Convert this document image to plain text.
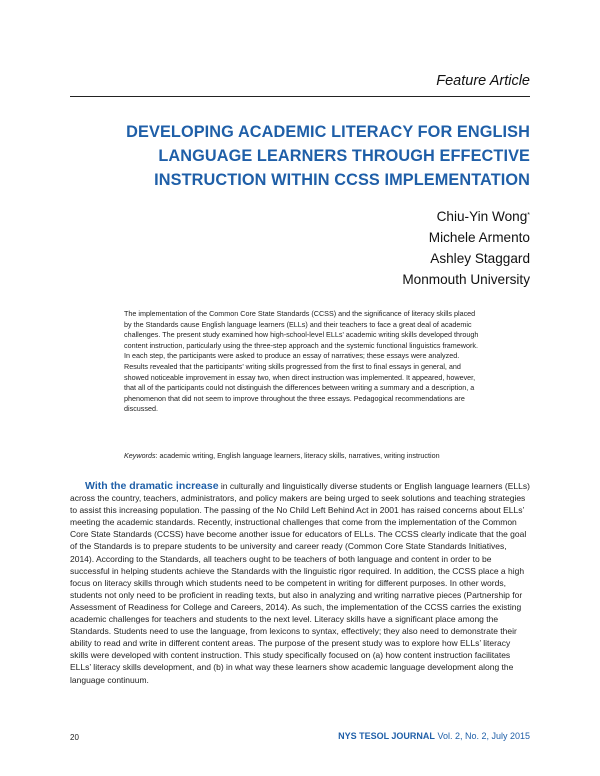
Feature Article
DEVELOPING ACADEMIC LITERACY FOR ENGLISH
LANGUAGE LEARNERS THROUGH EFFECTIVE
INSTRUCTION WITHIN CCSS IMPLEMENTATION
Chiu-Yin Wong*
Michele Armento
Ashley Staggard
Monmouth University

The implementation of the Common Core State Standards (CCSS) and the significance of literacy skills placed by the Standards cause English language learners (ELLs) and their teachers to face a great deal of academic challenges. The present study examined how high-school-level ELLs’ academic writing skills developed through content instruction, particularly using the three-step approach and the systemic functional linguistics framework. In each step, the participants were asked to produce an essay of narratives; these essays were analyzed. Results revealed that the participants’ writing skills progressed from the first to final essays in general, and showed noticeable improvement in essay two, when direct instruction was implemented. It appeared, however, that all of the participants could not distinguish the differences between writing a summary and a description, a phenomenon that did not seem to improve throughout the three essays. Pedagogical recommendations are discussed.

Keywords: academic writing, English language learners, literacy skills, narratives, writing instruction

With the dramatic increase in culturally and linguistically diverse students or English language learners (ELLs) across the country, teachers, administrators, and policy makers are being urged to seek solutions and teaching strategies to assist this increasing population. The passing of the No Child Left Behind Act in 2001 has raised concerns about ELLs’ meeting the academic standards. Recently, instructional challenges that come from the implementation of the Common Core State Standards (CCSS) have become another issue for educators of ELLs. The CCSS clearly indicate that the goal of the Standards is to prepare students to be university and career ready (Common Core State Standards Initiatives, 2014). According to the Standards, all teachers ought to be teachers of both language and content in order to be successful in helping students achieve the Standards with the linguistic rigor required. In addition, the CCSS place a high focus on literacy skills through which students need to be competent in writing for different purposes. In other words, students not only need to be proficient in reading texts, but also in analyzing and writing narrative pieces (Partnership for Assessment of Readiness for College and Careers, 2014). As such, the implementation of the CCSS carries the existing academic challenges for teachers and students to the next level. Literacy skills have a significant place among the Standards. Students need to use the language, from lexicons to syntax, effectively; they also need to demonstrate their ability to read and write in different content areas. The purpose of the present study was to explore how ELLs’ literacy skills were developed with content instruction. This study specifically focused on (a) how content instruction facilitates ELLs’ literacy skills development, and (b) in what way these learners show academic language development along the language continuum.

20	NYS TESOL JOURNAL Vol. 2, No. 2, July 2015
